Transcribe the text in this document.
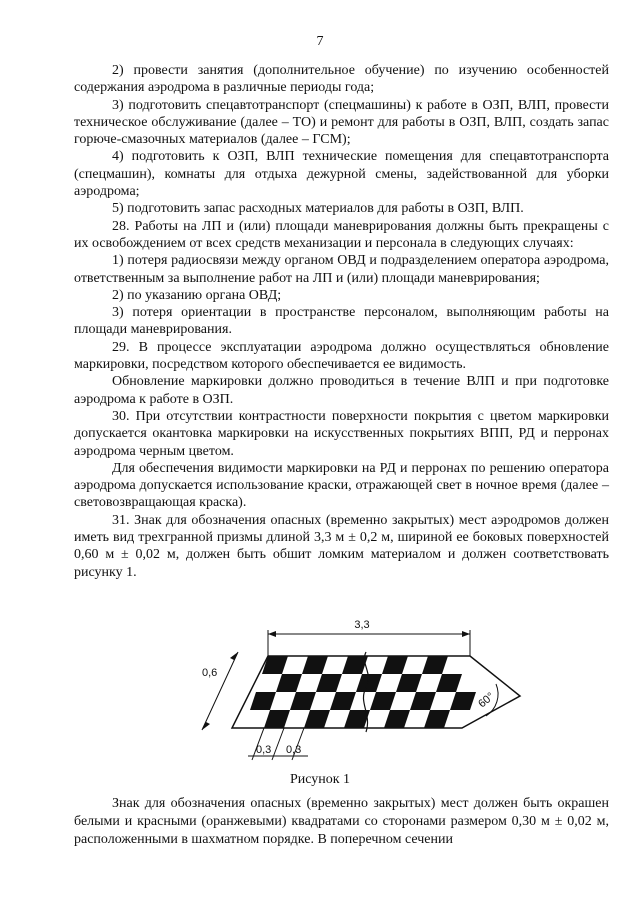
7

2) провести занятия (дополнительное обучение) по изучению особенностей содержания аэродрома в различные периоды года;

3) подготовить спецавтотранспорт (спецмашины) к работе в ОЗП, ВЛП, провести техническое обслуживание (далее – ТО) и ремонт для работы в ОЗП, ВЛП, создать запас горюче-смазочных материалов (далее – ГСМ);

4) подготовить к ОЗП, ВЛП технические помещения для спецавтотранспорта (спецмашин), комнаты для отдыха дежурной смены, задействованной для уборки аэродрома;

5) подготовить запас расходных материалов для работы в ОЗП, ВЛП.

28. Работы на ЛП и (или) площади маневрирования должны быть прекращены с их освобождением от всех средств механизации и персонала в следующих случаях:

1) потеря радиосвязи между органом ОВД и подразделением оператора аэродрома, ответственным за выполнение работ на ЛП и (или) площади маневрирования;

2) по указанию органа ОВД;

3) потеря ориентации в пространстве персоналом, выполняющим работы на площади маневрирования.

29. В процессе эксплуатации аэродрома должно осуществляться обновление маркировки, посредством которого обеспечивается ее видимость.

Обновление маркировки должно проводиться в течение ВЛП и при подготовке аэродрома к работе в ОЗП.

30. При отсутствии контрастности поверхности покрытия с цветом маркировки допускается окантовка маркировки на искусственных покрытиях ВПП, РД и перронах аэродрома черным цветом.

Для обеспечения видимости маркировки на РД и перронах по решению оператора аэродрома допускается использование краски, отражающей свет в ночное время (далее – световозвращающая краска).

31. Знак для обозначения опасных (временно закрытых) мест аэродромов должен иметь вид трехгранной призмы длиной 3,3 м ± 0,2 м, шириной ее боковых поверхностей 0,60 м ± 0,02 м, должен быть обшит ломким материалом и должен соответствовать рисунку 1.

3,3
0,6
0,3 0,3
60°
Рисунок 1

Знак для обозначения опасных (временно закрытых) мест должен быть окрашен белыми и красными (оранжевыми) квадратами со сторонами размером 0,30 м ± 0,02 м, расположенными в шахматном порядке. В поперечном сечении
